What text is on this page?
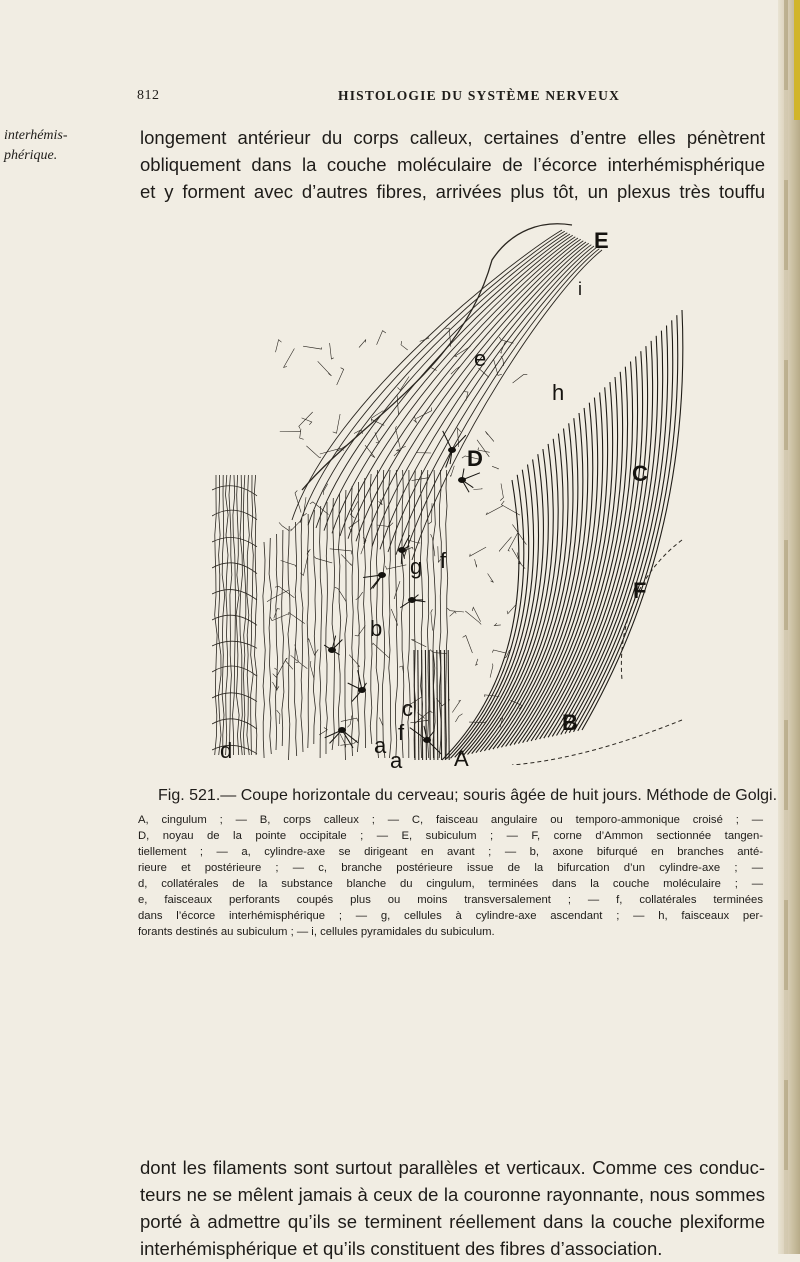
812	HISTOLOGIE DU SYSTÈME NERVEUX
interhémis-
phérique.

longement antérieur du corps calleux, certaines d’entre elles pénètrent
obliquement dans la couche moléculaire de l’écorce interhémisphérique
et y forment avec d’autres fibres, arrivées plus tôt, un plexus très touffu

E
i
e
h
D
C
g f
F
b
c
B
d	a
A
f
a
Fig. 521.— Coupe horizontale du cerveau; souris âgée de huit jours. Méthode de Golgi.
A, cingulum ; — B, corps calleux ; — C, faisceau angulaire ou temporo-ammonique croisé ; —
D, noyau de la pointe occipitale ; — E, subiculum ; — F, corne d’Ammon sectionnée tangen-
tiellement ; — a, cylindre-axe se dirigeant en avant ; — b, axone bifurqué en branches anté-
rieure et postérieure ; — c, branche postérieure issue de la bifurcation d’un cylindre-axe ; —
d, collatérales de la substance blanche du cingulum, terminées dans la couche moléculaire ; —
e, faisceaux perforants coupés plus ou moins transversalement ; — f, collatérales terminées
dans l’écorce interhémisphérique ; — g, cellules à cylindre-axe ascendant ; — h, faisceaux per-
forants destinés au subiculum ; — i, cellules pyramidales du subiculum.

dont les filaments sont surtout parallèles et verticaux. Comme ces conduc-
teurs ne se mêlent jamais à ceux de la couronne rayonnante, nous sommes
porté à admettre qu’ils se terminent réellement dans la couche plexiforme
interhémisphérique et qu’ils constituent des fibres d’association.
